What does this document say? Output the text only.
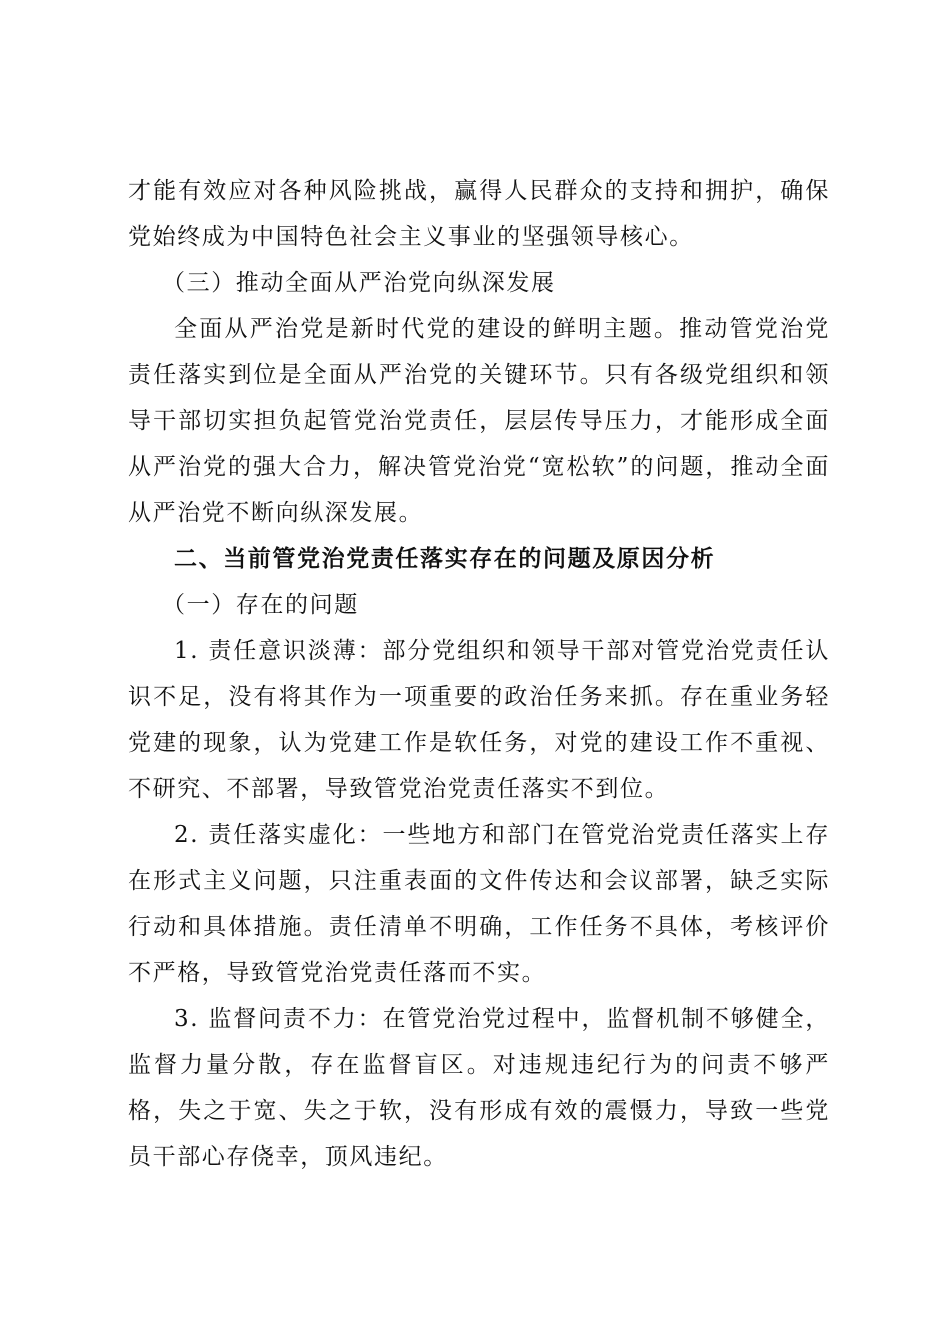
才能有效应对各种风险挑战，赢得人民群众的支持和拥护，确保党始终成为中国特色社会主义事业的坚强领导核心。

（三）推动全面从严治党向纵深发展

全面从严治党是新时代党的建设的鲜明主题。推动管党治党责任落实到位是全面从严治党的关键环节。只有各级党组织和领导干部切实担负起管党治党责任，层层传导压力，才能形成全面从严治党的强大合力，解决管党治党“宽松软”的问题，推动全面从严治党不断向纵深发展。

二、当前管党治党责任落实存在的问题及原因分析

（一）存在的问题

1. 责任意识淡薄：部分党组织和领导干部对管党治党责任认识不足，没有将其作为一项重要的政治任务来抓。存在重业务轻党建的现象，认为党建工作是软任务，对党的建设工作不重视、不研究、不部署，导致管党治党责任落实不到位。

2. 责任落实虚化：一些地方和部门在管党治党责任落实上存在形式主义问题，只注重表面的文件传达和会议部署，缺乏实际行动和具体措施。责任清单不明确，工作任务不具体，考核评价不严格，导致管党治党责任落而不实。

3. 监督问责不力：在管党治党过程中，监督机制不够健全，监督力量分散，存在监督盲区。对违规违纪行为的问责不够严格，失之于宽、失之于软，没有形成有效的震慑力，导致一些党员干部心存侥幸，顶风违纪。
